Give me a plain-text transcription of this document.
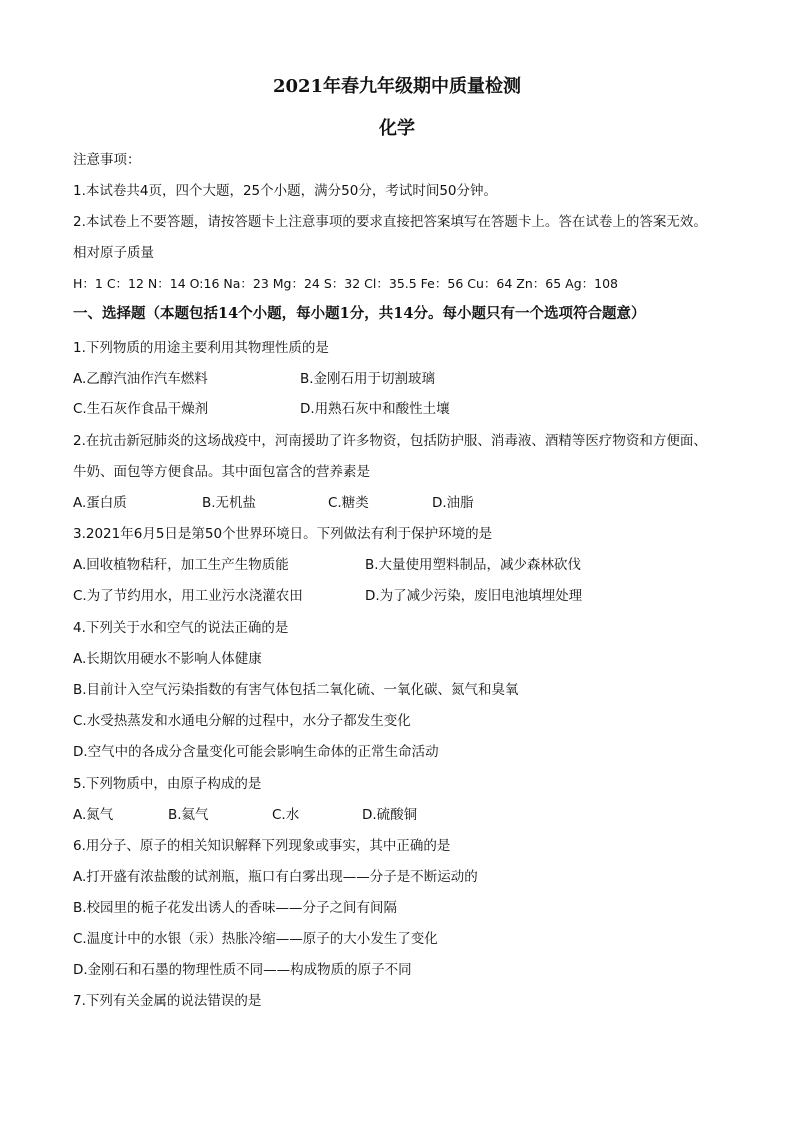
2021年春九年级期中质量检测
化学
注意事项：
1.本试卷共4页，四个大题，25个小题，满分50分，考试时间50分钟。
2.本试卷上不要答题，请按答题卡上注意事项的要求直接把答案填写在答题卡上。答在试卷上的答案无效。
相对原子质量
H：1 C：12 N：14 O:16 Na：23 Mg：24 S：32 Cl：35.5 Fe：56 Cu：64 Zn：65 Ag：108
一、选择题（本题包括14个小题，每小题1分，共14分。每小题只有一个选项符合题意）
1.下列物质的用途主要利用其物理性质的是
A.乙醇汽油作汽车燃料	B.金刚石用于切割玻璃
C.生石灰作食品干燥剂	D.用熟石灰中和酸性土壤
2.在抗击新冠肺炎的这场战疫中，河南援助了许多物资，包括防护服、消毒液、酒精等医疗物资和方便面、
牛奶、面包等方便食品。其中面包富含的营养素是
A.蛋白质	B.无机盐	C.糖类	D.油脂
3.2021年6月5日是第50个世界环境日。下列做法有利于保护环境的是
A.回收植物秸秆，加工生产生物质能	B.大量使用塑料制品，减少森林砍伐
C.为了节约用水，用工业污水浇灌农田	D.为了减少污染，废旧电池填埋处理
4.下列关于水和空气的说法正确的是
A.长期饮用硬水不影响人体健康
B.目前计入空气污染指数的有害气体包括二氧化硫、一氧化碳、氮气和臭氧
C.水受热蒸发和水通电分解的过程中，水分子都发生变化
D.空气中的各成分含量变化可能会影响生命体的正常生命活动
5.下列物质中，由原子构成的是
A.氮气	B.氦气	C.水	D.硫酸铜
6.用分子、原子的相关知识解释下列现象或事实，其中正确的是
A.打开盛有浓盐酸的试剂瓶，瓶口有白雾出现——分子是不断运动的
B.校园里的栀子花发出诱人的香味——分子之间有间隔
C.温度计中的水银（汞）热胀冷缩——原子的大小发生了变化
D.金刚石和石墨的物理性质不同——构成物质的原子不同
7.下列有关金属的说法错误的是
